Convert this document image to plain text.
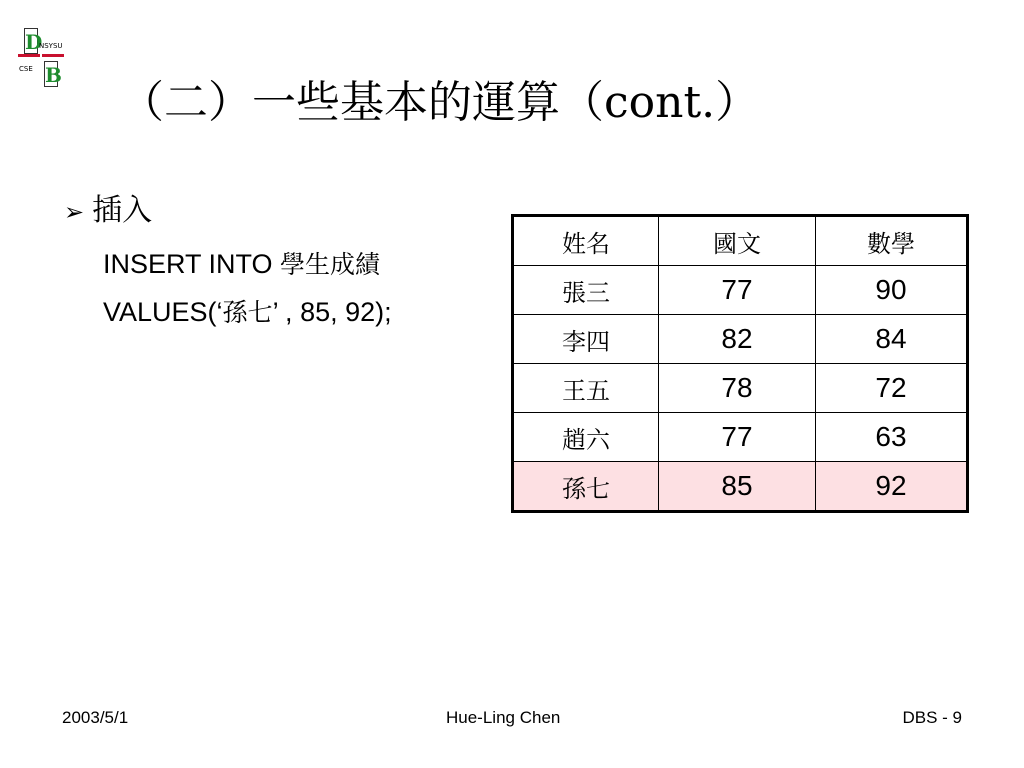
D
NSYSU
CSE B
（二）一些基本的運算（cont.）
➢ 插入
INSERT INTO 學生成績
VALUES(‘孫七’ , 85, 92);
姓名	國文	數學
張三	77	90
李四	82	84
王五	78	72
趙六	77	63
孫七	85	92
2003/5/1	Hue-Ling Chen	DBS - 9
